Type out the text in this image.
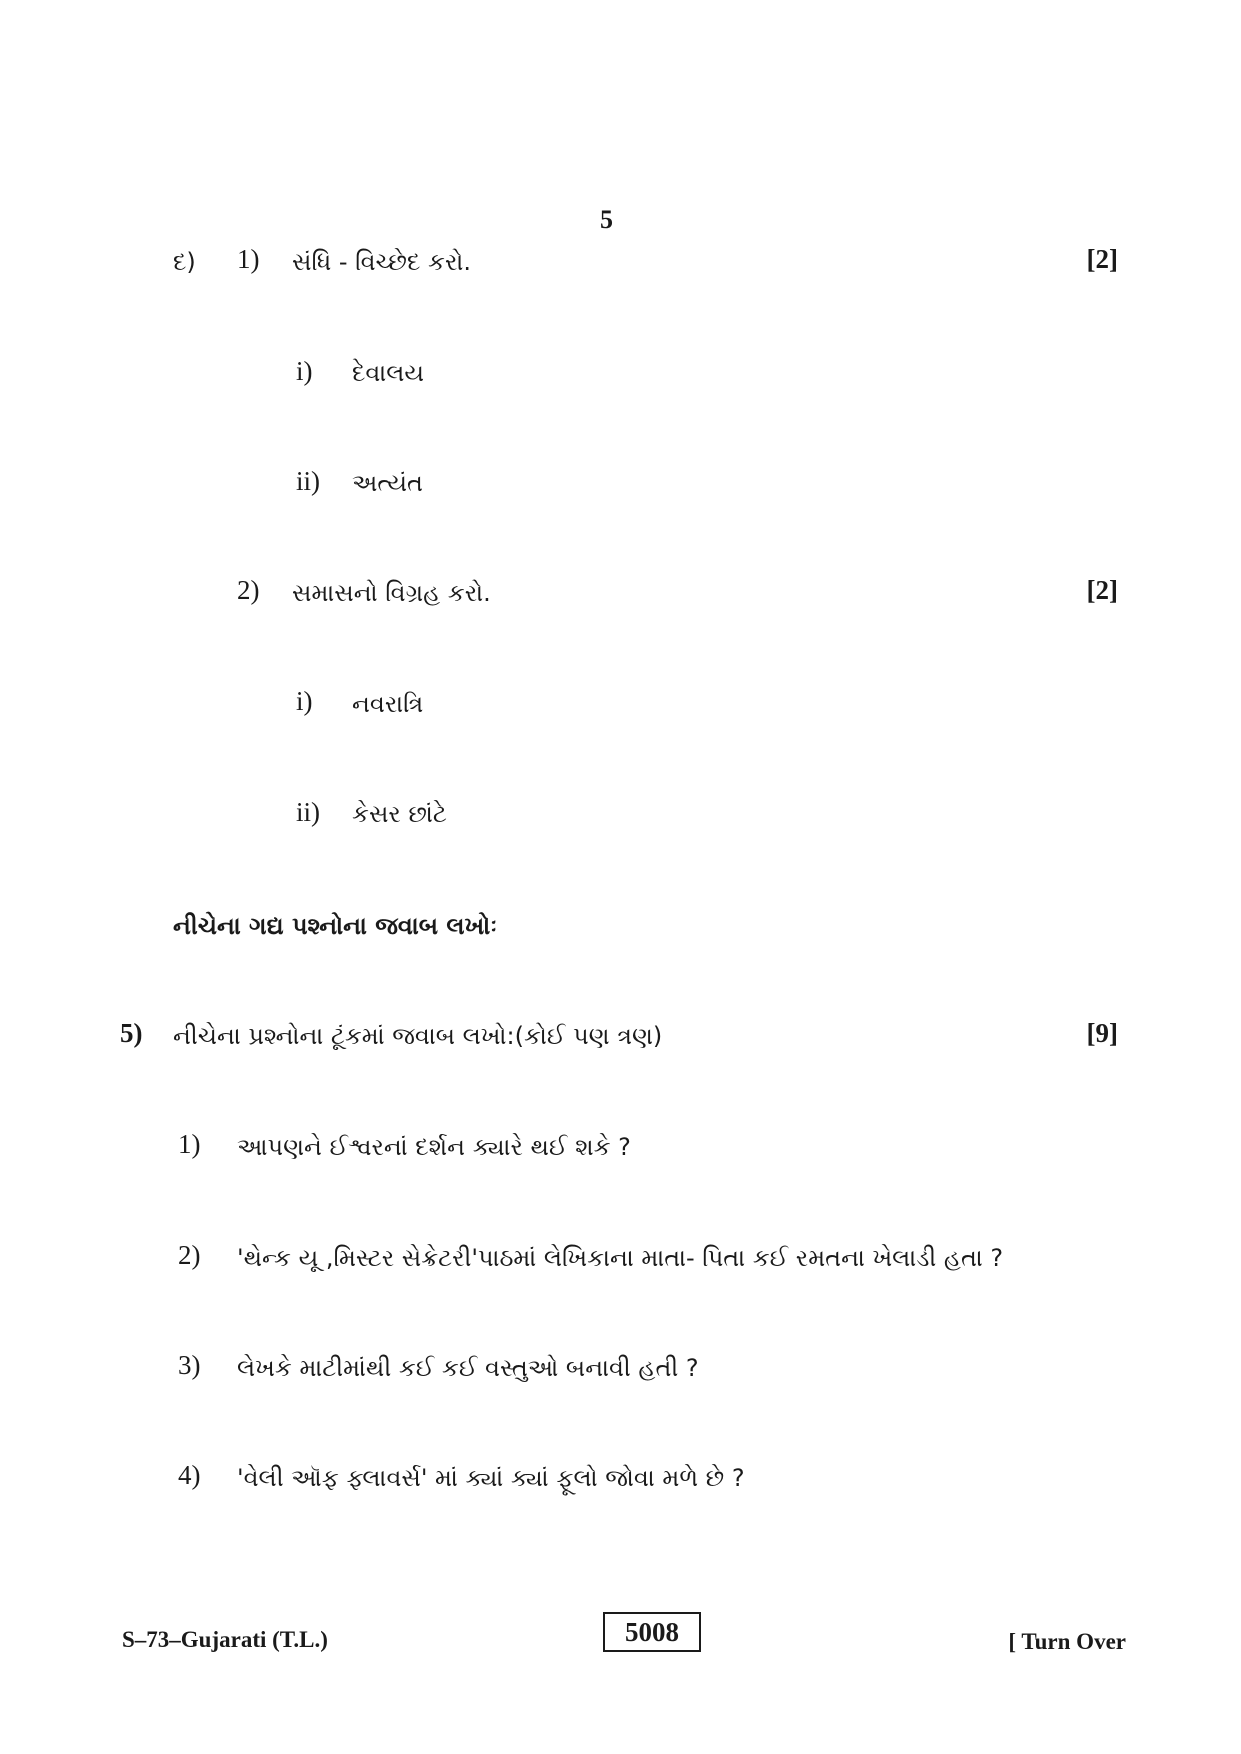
5
દ) 1) સંધિ - વિચ્છેદ કરો.	[2]
i) દેવાલય
ii) અત્યંત
2) સમાસનો વિગ્રહ કરો.	[2]
i) નવરાત્રિ
ii) કેસર છાંટે
નીચેના ગદ્ય પશ્નોના જવાબ લખોઃ
5) નીચેના પ્રશ્નોના ટૂંકમાં જવાબ લખો:(કોઈ પણ ત્રણ)	[9]
1) આપણને ઈશ્વરનાં દર્શન ક્યારે થઈ શકે ?
2) 'થેન્ક યૂ ,મિસ્ટર સેક્રેટરી'પાઠમાં લેખિકાના માતા- પિતા કઈ રમતના ખેલાડી હતા ?
3) લેખકે માટીમાંથી કઈ કઈ વસ્તુઓ બનાવી હતી ?
4) 'વેલી ઑફ ફ્લાવર્સ' માં ક્યાં ક્યાં ફૂલો જોવા મળે છે ?
S–73–Gujarati (T.L.)	5008	[ Turn Over
